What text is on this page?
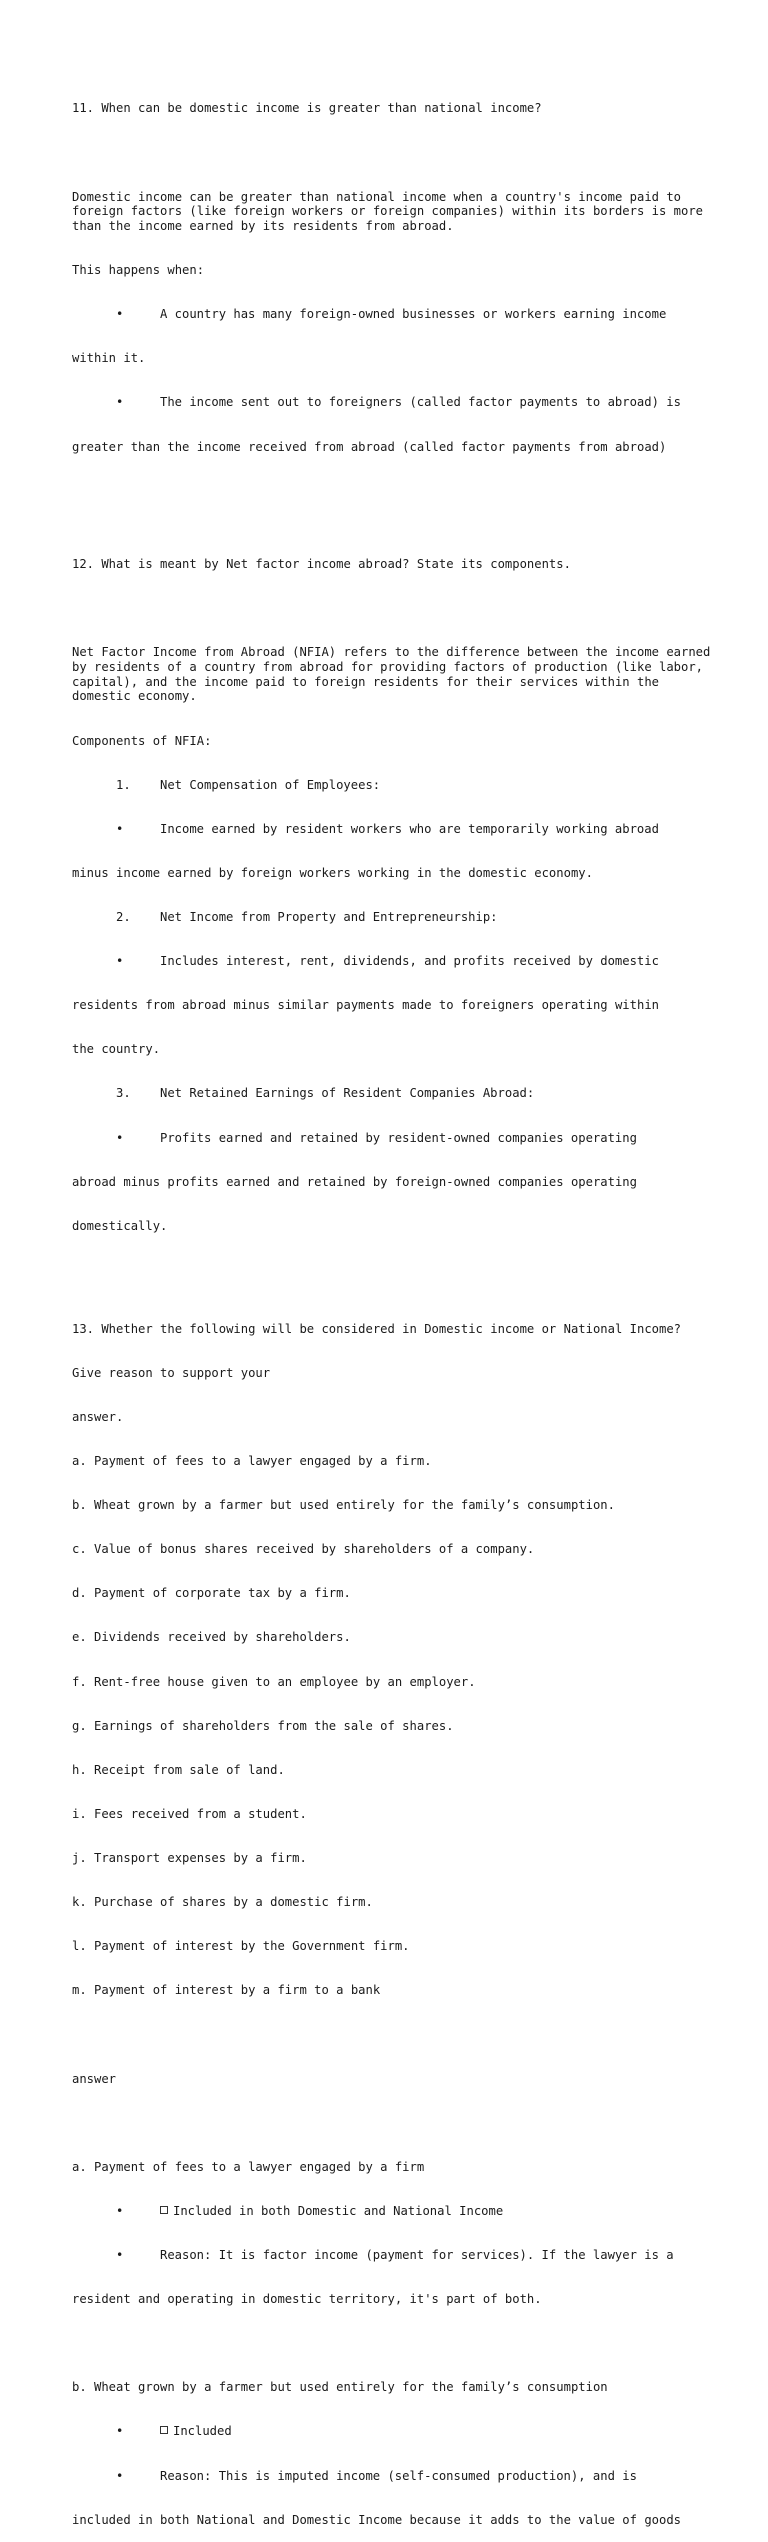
11. When can be domestic income is greater than national income?

Domestic income can be greater than national income when a country's income paid to foreign factors (like foreign workers or foreign companies) within its borders is more than the income earned by its residents from abroad.

This happens when:

•	A country has many foreign-owned businesses or workers earning income

within it.

•	The income sent out to foreigners (called factor payments to abroad) is

greater than the income received from abroad (called factor payments from abroad)

12. What is meant by Net factor income abroad? State its components.

Net Factor Income from Abroad (NFIA) refers to the difference between the income earned by residents of a country from abroad for providing factors of production (like labor, capital), and the income paid to foreign residents for their services within the domestic economy.

Components of NFIA:

1. Net Compensation of Employees:

•	Income earned by resident workers who are temporarily working abroad

minus income earned by foreign workers working in the domestic economy.

2. Net Income from Property and Entrepreneurship:

•	Includes interest, rent, dividends, and profits received by domestic

residents from abroad minus similar payments made to foreigners operating within

the country.

3. Net Retained Earnings of Resident Companies Abroad:

•	Profits earned and retained by resident-owned companies operating

abroad minus profits earned and retained by foreign-owned companies operating

domestically.

13. Whether the following will be considered in Domestic income or National Income?

Give reason to support your

answer.

a. Payment of fees to a lawyer engaged by a firm.

b. Wheat grown by a farmer but used entirely for the family’s consumption.

c. Value of bonus shares received by shareholders of a company.

d. Payment of corporate tax by a firm.

e. Dividends received by shareholders.

f. Rent-free house given to an employee by an employer.

g. Earnings of shareholders from the sale of shares.

h. Receipt from sale of land.

i. Fees received from a student.

j. Transport expenses by a firm.

k. Purchase of shares by a domestic firm.

l. Payment of interest by the Government firm.

m. Payment of interest by a firm to a bank

answer

a. Payment of fees to a lawyer engaged by a firm

•	Included in both Domestic and National Income

•	Reason: It is factor income (payment for services). If the lawyer is a

resident and operating in domestic territory, it's part of both.

b. Wheat grown by a farmer but used entirely for the family’s consumption

•	Included

•	Reason: This is imputed income (self-consumed production), and is

included in both National and Domestic Income because it adds to the value of goods
